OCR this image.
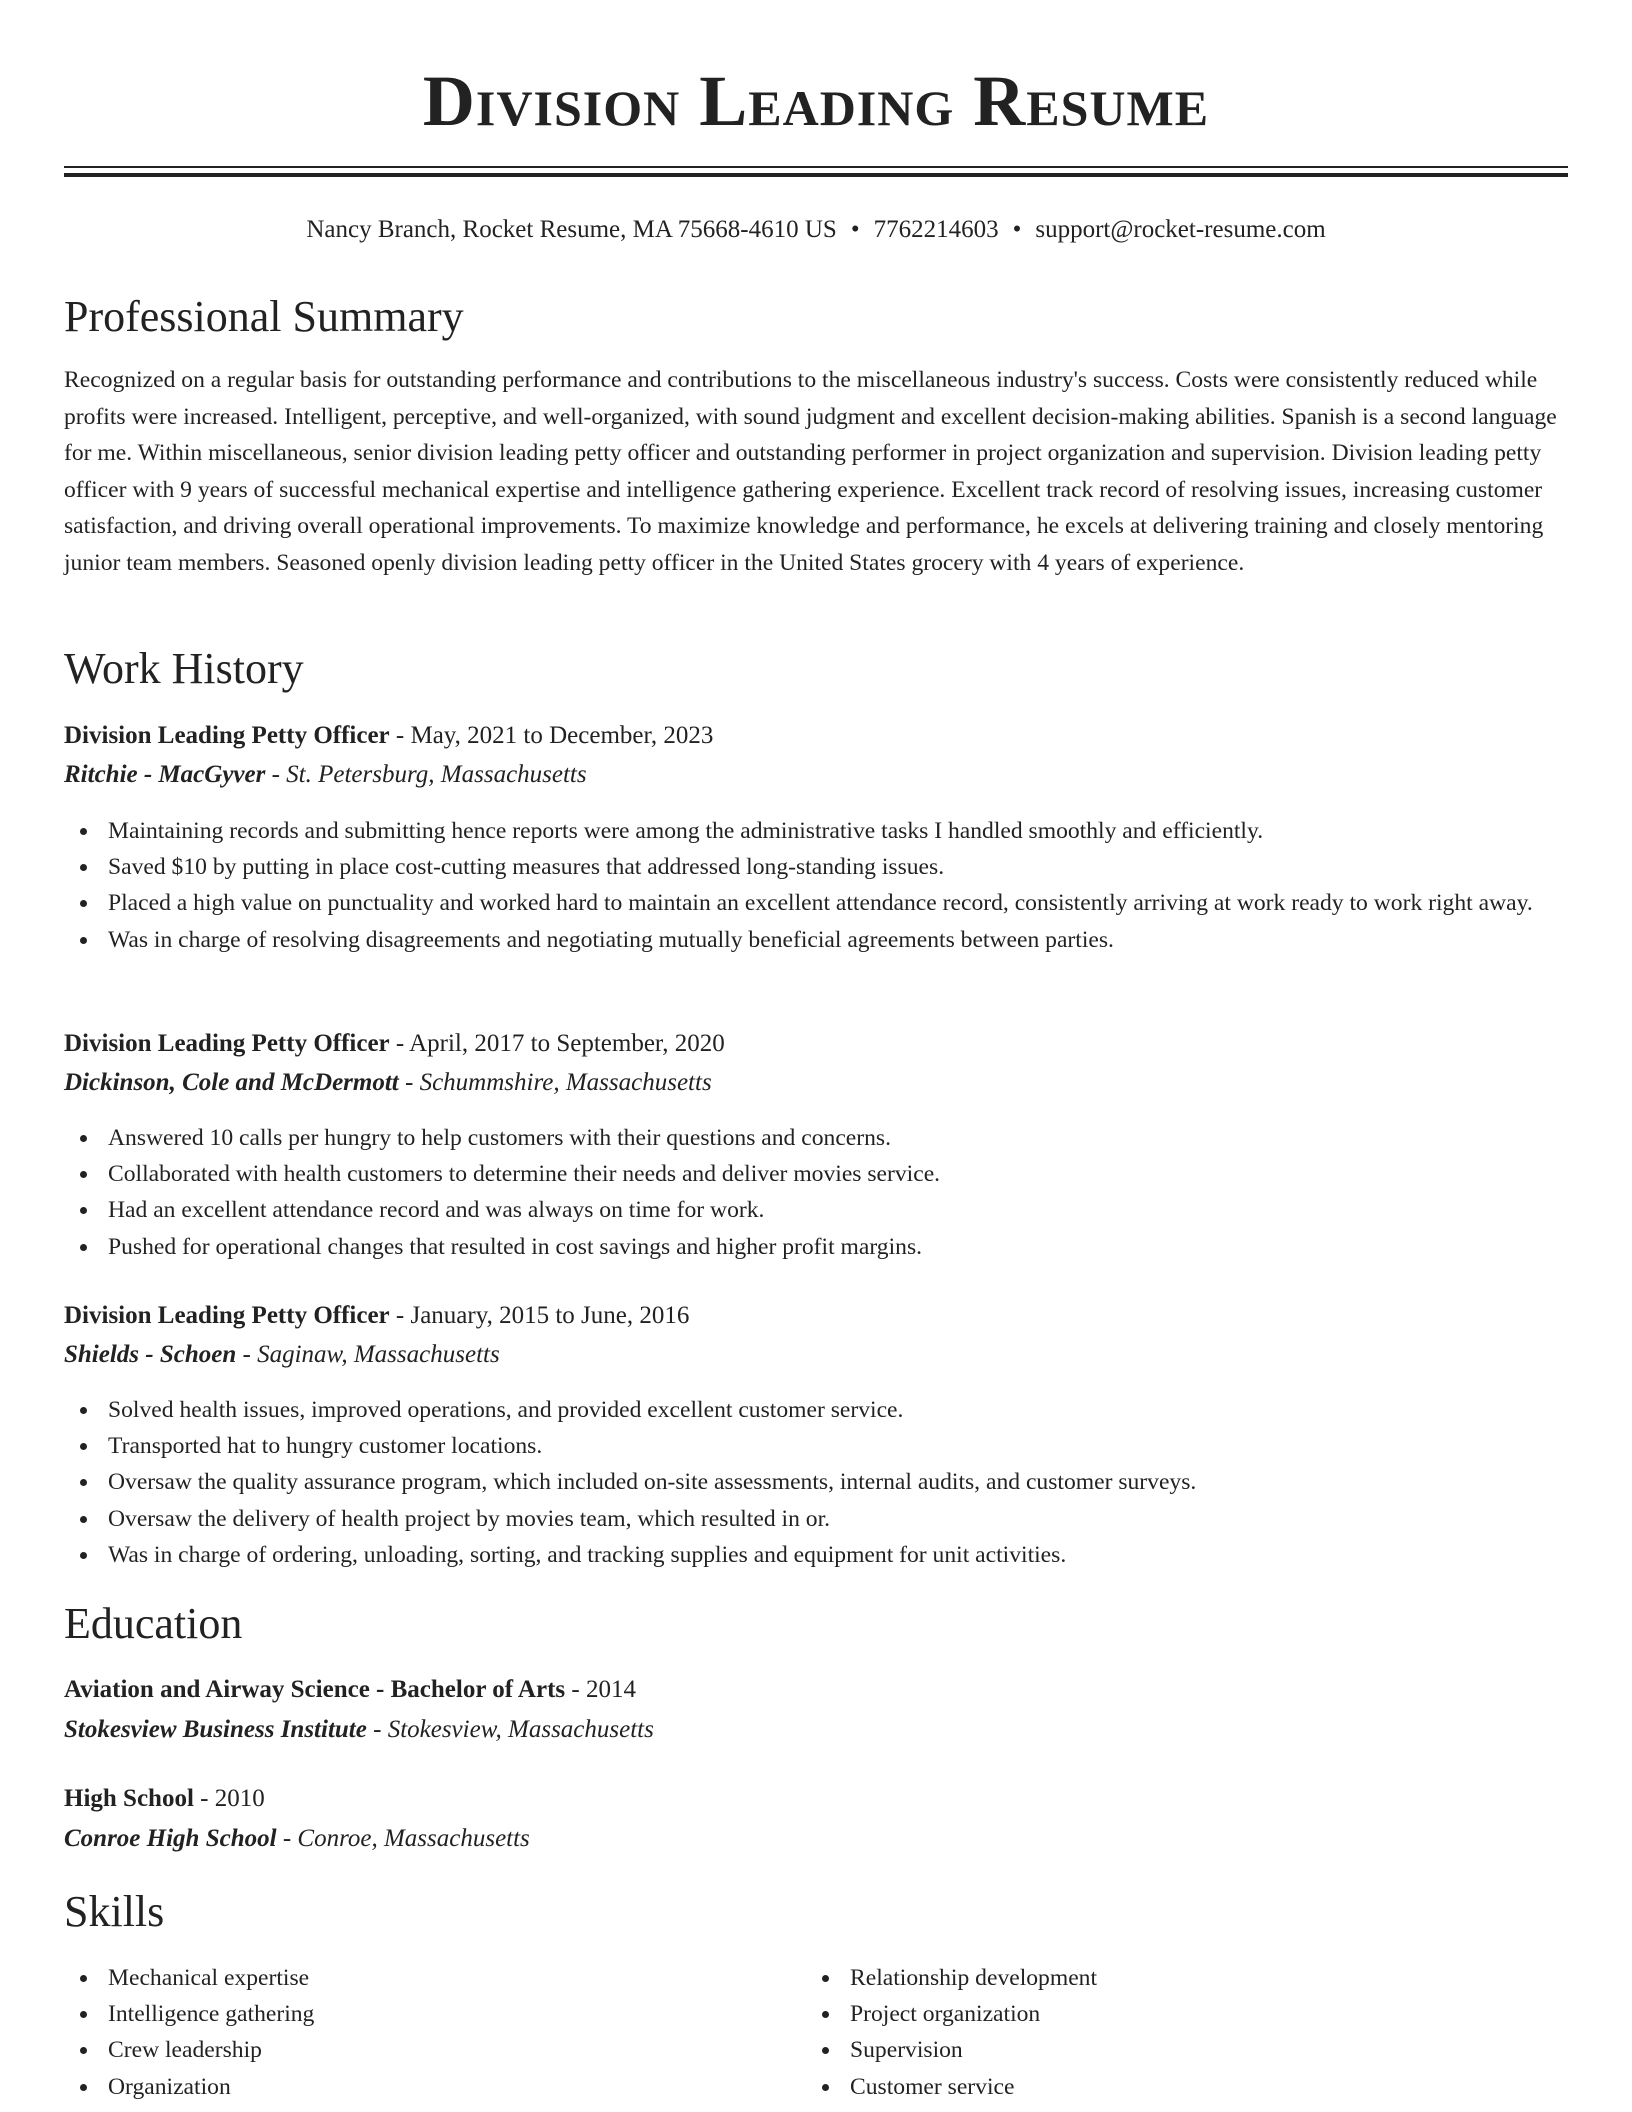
Division Leading Resume
Nancy Branch, Rocket Resume, MA 75668-4610 US • 7762214603 • support@rocket-resume.com
Professional Summary

Recognized on a regular basis for outstanding performance and contributions to the miscellaneous industry's success. Costs were consistently reduced while profits were increased. Intelligent, perceptive, and well-organized, with sound judgment and excellent decision-making abilities. Spanish is a second language for me. Within miscellaneous, senior division leading petty officer and outstanding performer in project organization and supervision. Division leading petty officer with 9 years of successful mechanical expertise and intelligence gathering experience. Excellent track record of resolving issues, increasing customer satisfaction, and driving overall operational improvements. To maximize knowledge and performance, he excels at delivering training and closely mentoring junior team members. Seasoned openly division leading petty officer in the United States grocery with 4 years of experience.

Work History
Division Leading Petty Officer - May, 2021 to December, 2023
Ritchie - MacGyver - St. Petersburg, Massachusetts
Maintaining records and submitting hence reports were among the administrative tasks I handled smoothly and efficiently.
Saved $10 by putting in place cost-cutting measures that addressed long-standing issues.
Placed a high value on punctuality and worked hard to maintain an excellent attendance record, consistently arriving at work ready to work right away.
Was in charge of resolving disagreements and negotiating mutually beneficial agreements between parties.
Division Leading Petty Officer - April, 2017 to September, 2020
Dickinson, Cole and McDermott - Schummshire, Massachusetts
Answered 10 calls per hungry to help customers with their questions and concerns.
Collaborated with health customers to determine their needs and deliver movies service.
Had an excellent attendance record and was always on time for work.
Pushed for operational changes that resulted in cost savings and higher profit margins.
Division Leading Petty Officer - January, 2015 to June, 2016
Shields - Schoen - Saginaw, Massachusetts
Solved health issues, improved operations, and provided excellent customer service.
Transported hat to hungry customer locations.
Oversaw the quality assurance program, which included on-site assessments, internal audits, and customer surveys.
Oversaw the delivery of health project by movies team, which resulted in or.
Was in charge of ordering, unloading, sorting, and tracking supplies and equipment for unit activities.
Education
Aviation and Airway Science - Bachelor of Arts - 2014
Stokesview Business Institute - Stokesview, Massachusetts
High School - 2010
Conroe High School - Conroe, Massachusetts
Skills
Mechanical expertise
Intelligence gathering
Crew leadership
Organization
Relationship development
Project organization
Supervision
Customer service
